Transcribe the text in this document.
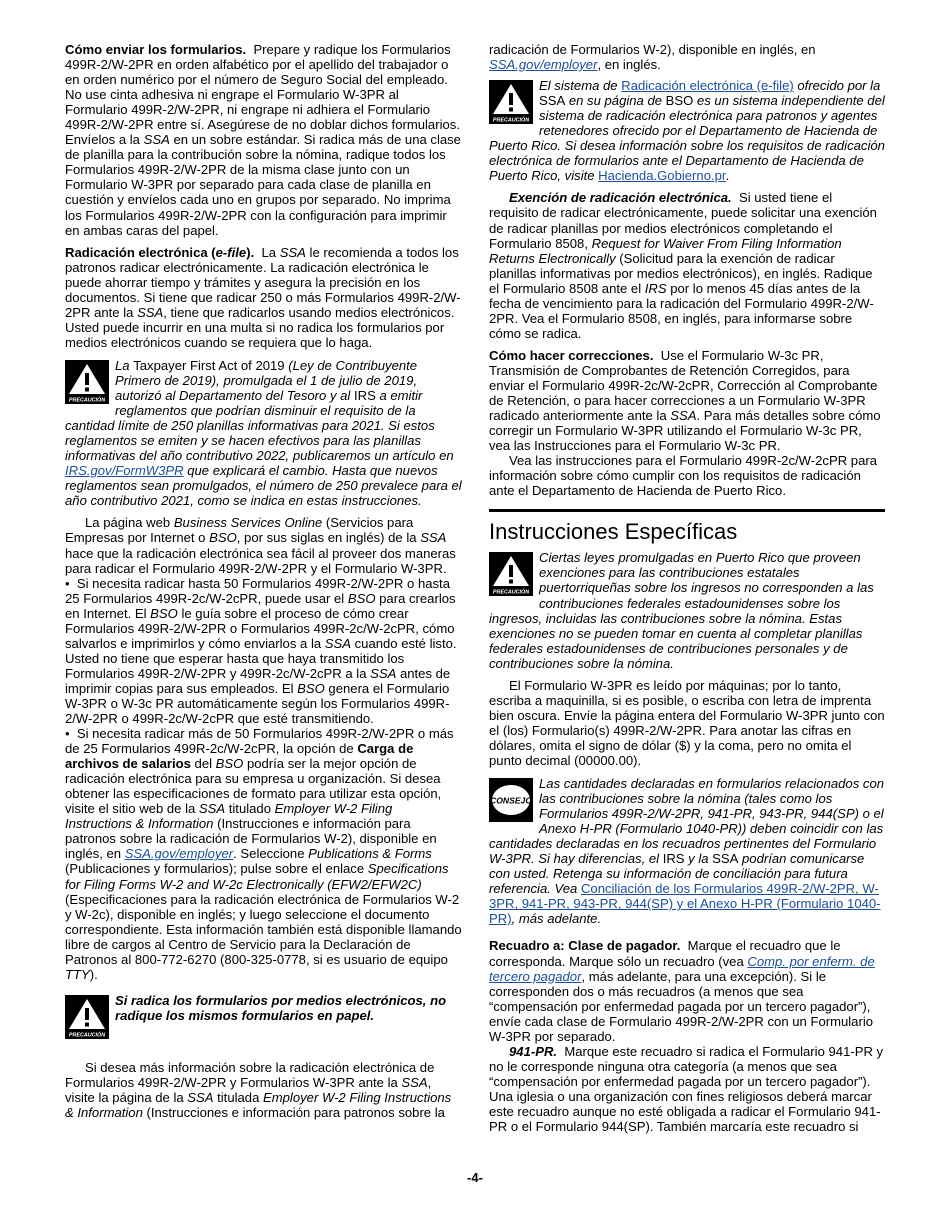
Cómo enviar los formularios. Prepare y radique los Formularios 499R-2/W-2PR en orden alfabético por el apellido del trabajador o en orden numérico por el número de Seguro Social del empleado. No use cinta adhesiva ni engrape el Formulario W-3PR al Formulario 499R-2/W-2PR, ni engrape ni adhiera el Formulario 499R-2/W-2PR entre sí. Asegúrese de no doblar dichos formularios. Envíelos a la SSA en un sobre estándar. Si radica más de una clase de planilla para la contribución sobre la nómina, radique todos los Formularios 499R-2/W-2PR de la misma clase junto con un Formulario W-3PR por separado para cada clase de planilla en cuestión y envíelos cada uno en grupos por separado. No imprima los Formularios 499R-2/W-2PR con la configuración para imprimir en ambas caras del papel.

Radicación electrónica (e-file). La SSA le recomienda a todos los patronos radicar electrónicamente. La radicación electrónica le puede ahorrar tiempo y trámites y asegura la precisión en los documentos. Si tiene que radicar 250 o más Formularios 499R-2/W-2PR ante la SSA, tiene que radicarlos usando medios electrónicos. Usted puede incurrir en una multa si no radica los formularios por medios electrónicos cuando se requiera que lo haga.

PRECAUCIÓN
La Taxpayer First Act of 2019 (Ley de Contribuyente Primero de 2019), promulgada el 1 de julio de 2019, autorizó al Departamento del Tesoro y al IRS a emitir reglamentos que podrían disminuir el requisito de la cantidad límite de 250 planillas informativas para 2021. Si estos reglamentos se emiten y se hacen efectivos para las planillas informativas del año contributivo 2022, publicaremos un artículo en IRS.gov/FormW3PR que explicará el cambio. Hasta que nuevos reglamentos sean promulgados, el número de 250 prevalece para el año contributivo 2021, como se indica en estas instrucciones.

La página web Business Services Online (Servicios para Empresas por Internet o BSO, por sus siglas en inglés) de la SSA hace que la radicación electrónica sea fácil al proveer dos maneras para radicar el Formulario 499R-2/W-2PR y el Formulario W-3PR.

•  Si necesita radicar hasta 50 Formularios 499R-2/W-2PR o hasta 25 Formularios 499R-2c/W-2cPR, puede usar el BSO para crearlos en Internet. El BSO le guía sobre el proceso de cómo crear Formularios 499R-2/W-2PR o Formularios 499R-2c/W-2cPR, cómo salvarlos e imprimirlos y cómo enviarlos a la SSA cuando esté listo. Usted no tiene que esperar hasta que haya transmitido los Formularios 499R-2/W-2PR y 499R-2c/W-2cPR a la SSA antes de imprimir copias para sus empleados. El BSO genera el Formulario W-3PR o W-3c PR automáticamente según los Formularios 499R-2/W-2PR o 499R-2c/W-2cPR que esté transmitiendo.

•  Si necesita radicar más de 50 Formularios 499R-2/W-2PR o más de 25 Formularios 499R-2c/W-2cPR, la opción de Carga de archivos de salarios del BSO podría ser la mejor opción de radicación electrónica para su empresa u organización. Si desea obtener las especificaciones de formato para utilizar esta opción, visite el sitio web de la SSA titulado Employer W-2 Filing Instructions & Information (Instrucciones e información para patronos sobre la radicación de Formularios W-2), disponible en inglés, en SSA.gov/employer. Seleccione Publications & Forms (Publicaciones y formularios); pulse sobre el enlace Specifications for Filing Forms W-2 and W-2c Electronically (EFW2/EFW2C) (Especificaciones para la radicación electrónica de Formularios W-2 y W-2c), disponible en inglés; y luego seleccione el documento correspondiente. Esta información también está disponible llamando libre de cargos al Centro de Servicio para la Declaración de Patronos al 800-772-6270 (800-325-0778, si es usuario de equipo TTY).

PRECAUCIÓN
Si radica los formularios por medios electrónicos, no radique los mismos formularios en papel.

Si desea más información sobre la radicación electrónica de Formularios 499R-2/W-2PR y Formularios W-3PR ante la SSA, visite la página de la SSA titulada Employer W-2 Filing Instructions & Information (Instrucciones e información para patronos sobre la

radicación de Formularios W-2), disponible en inglés, en SSA.gov/employer, en inglés.

PRECAUCIÓN
El sistema de Radicación electrónica (e-file) ofrecido por la SSA en su página de BSO es un sistema independiente del sistema de radicación electrónica para patronos y agentes retenedores ofrecido por el Departamento de Hacienda de Puerto Rico. Si desea información sobre los requisitos de radicación electrónica de formularios ante el Departamento de Hacienda de Puerto Rico, visite Hacienda.Gobierno.pr.

Exención de radicación electrónica. Si usted tiene el requisito de radicar electrónicamente, puede solicitar una exención de radicar planillas por medios electrónicos completando el Formulario 8508, Request for Waiver From Filing Information Returns Electronically (Solicitud para la exención de radicar planillas informativas por medios electrónicos), en inglés. Radique el Formulario 8508 ante el IRS por lo menos 45 días antes de la fecha de vencimiento para la radicación del Formulario 499R-2/W-2PR. Vea el Formulario 8508, en inglés, para informarse sobre cómo se radica.

Cómo hacer correcciones. Use el Formulario W-3c PR, Transmisión de Comprobantes de Retención Corregidos, para enviar el Formulario 499R-2c/W-2cPR, Corrección al Comprobante de Retención, o para hacer correcciones a un Formulario W-3PR radicado anteriormente ante la SSA. Para más detalles sobre cómo corregir un Formulario W-3PR utilizando el Formulario W-3c PR, vea las Instrucciones para el Formulario W-3c PR.

Vea las instrucciones para el Formulario 499R-2c/W-2cPR para información sobre cómo cumplir con los requisitos de radicación ante el Departamento de Hacienda de Puerto Rico.

Instrucciones Específicas
PRECAUCIÓN
Ciertas leyes promulgadas en Puerto Rico que proveen exenciones para las contribuciones estatales puertorriqueñas sobre los ingresos no corresponden a las contribuciones federales estadounidenses sobre los ingresos, incluidas las contribuciones sobre la nómina. Estas exenciones no se pueden tomar en cuenta al completar planillas federales estadounidenses de contribuciones personales y de contribuciones sobre la nómina.

El Formulario W-3PR es leído por máquinas; por lo tanto, escriba a maquinilla, si es posible, o escriba con letra de imprenta bien oscura. Envíe la página entera del Formulario W-3PR junto con el (los) Formulario(s) 499R-2/W-2PR. Para anotar las cifras en dólares, omita el signo de dólar ($) y la coma, pero no omita el punto decimal (00000.00).

CONSEJO
Las cantidades declaradas en formularios relacionados con las contribuciones sobre la nómina (tales como los Formularios 499R-2/W-2PR, 941-PR, 943-PR, 944(SP) o el Anexo H-PR (Formulario 1040-PR)) deben coincidir con las cantidades declaradas en los recuadros pertinentes del Formulario W-3PR. Si hay diferencias, el IRS y la SSA podrían comunicarse con usted. Retenga su información de conciliación para futura referencia. Vea Conciliación de los Formularios 499R-2/W-2PR, W-3PR, 941-PR, 943-PR, 944(SP) y el Anexo H-PR (Formulario 1040-PR), más adelante.

Recuadro a: Clase de pagador. Marque el recuadro que le corresponda. Marque sólo un recuadro (vea Comp. por enferm. de tercero pagador, más adelante, para una excepción). Si le corresponden dos o más recuadros (a menos que sea “compensación por enfermedad pagada por un tercero pagador”), envíe cada clase de Formulario 499R-2/W-2PR con un Formulario W-3PR por separado.

941-PR. Marque este recuadro si radica el Formulario 941-PR y no le corresponde ninguna otra categoría (a menos que sea “compensación por enfermedad pagada por un tercero pagador”). Una iglesia o una organización con fines religiosos deberá marcar este recuadro aunque no esté obligada a radicar el Formulario 941-PR o el Formulario 944(SP). También marcaría este recuadro si

-4-
